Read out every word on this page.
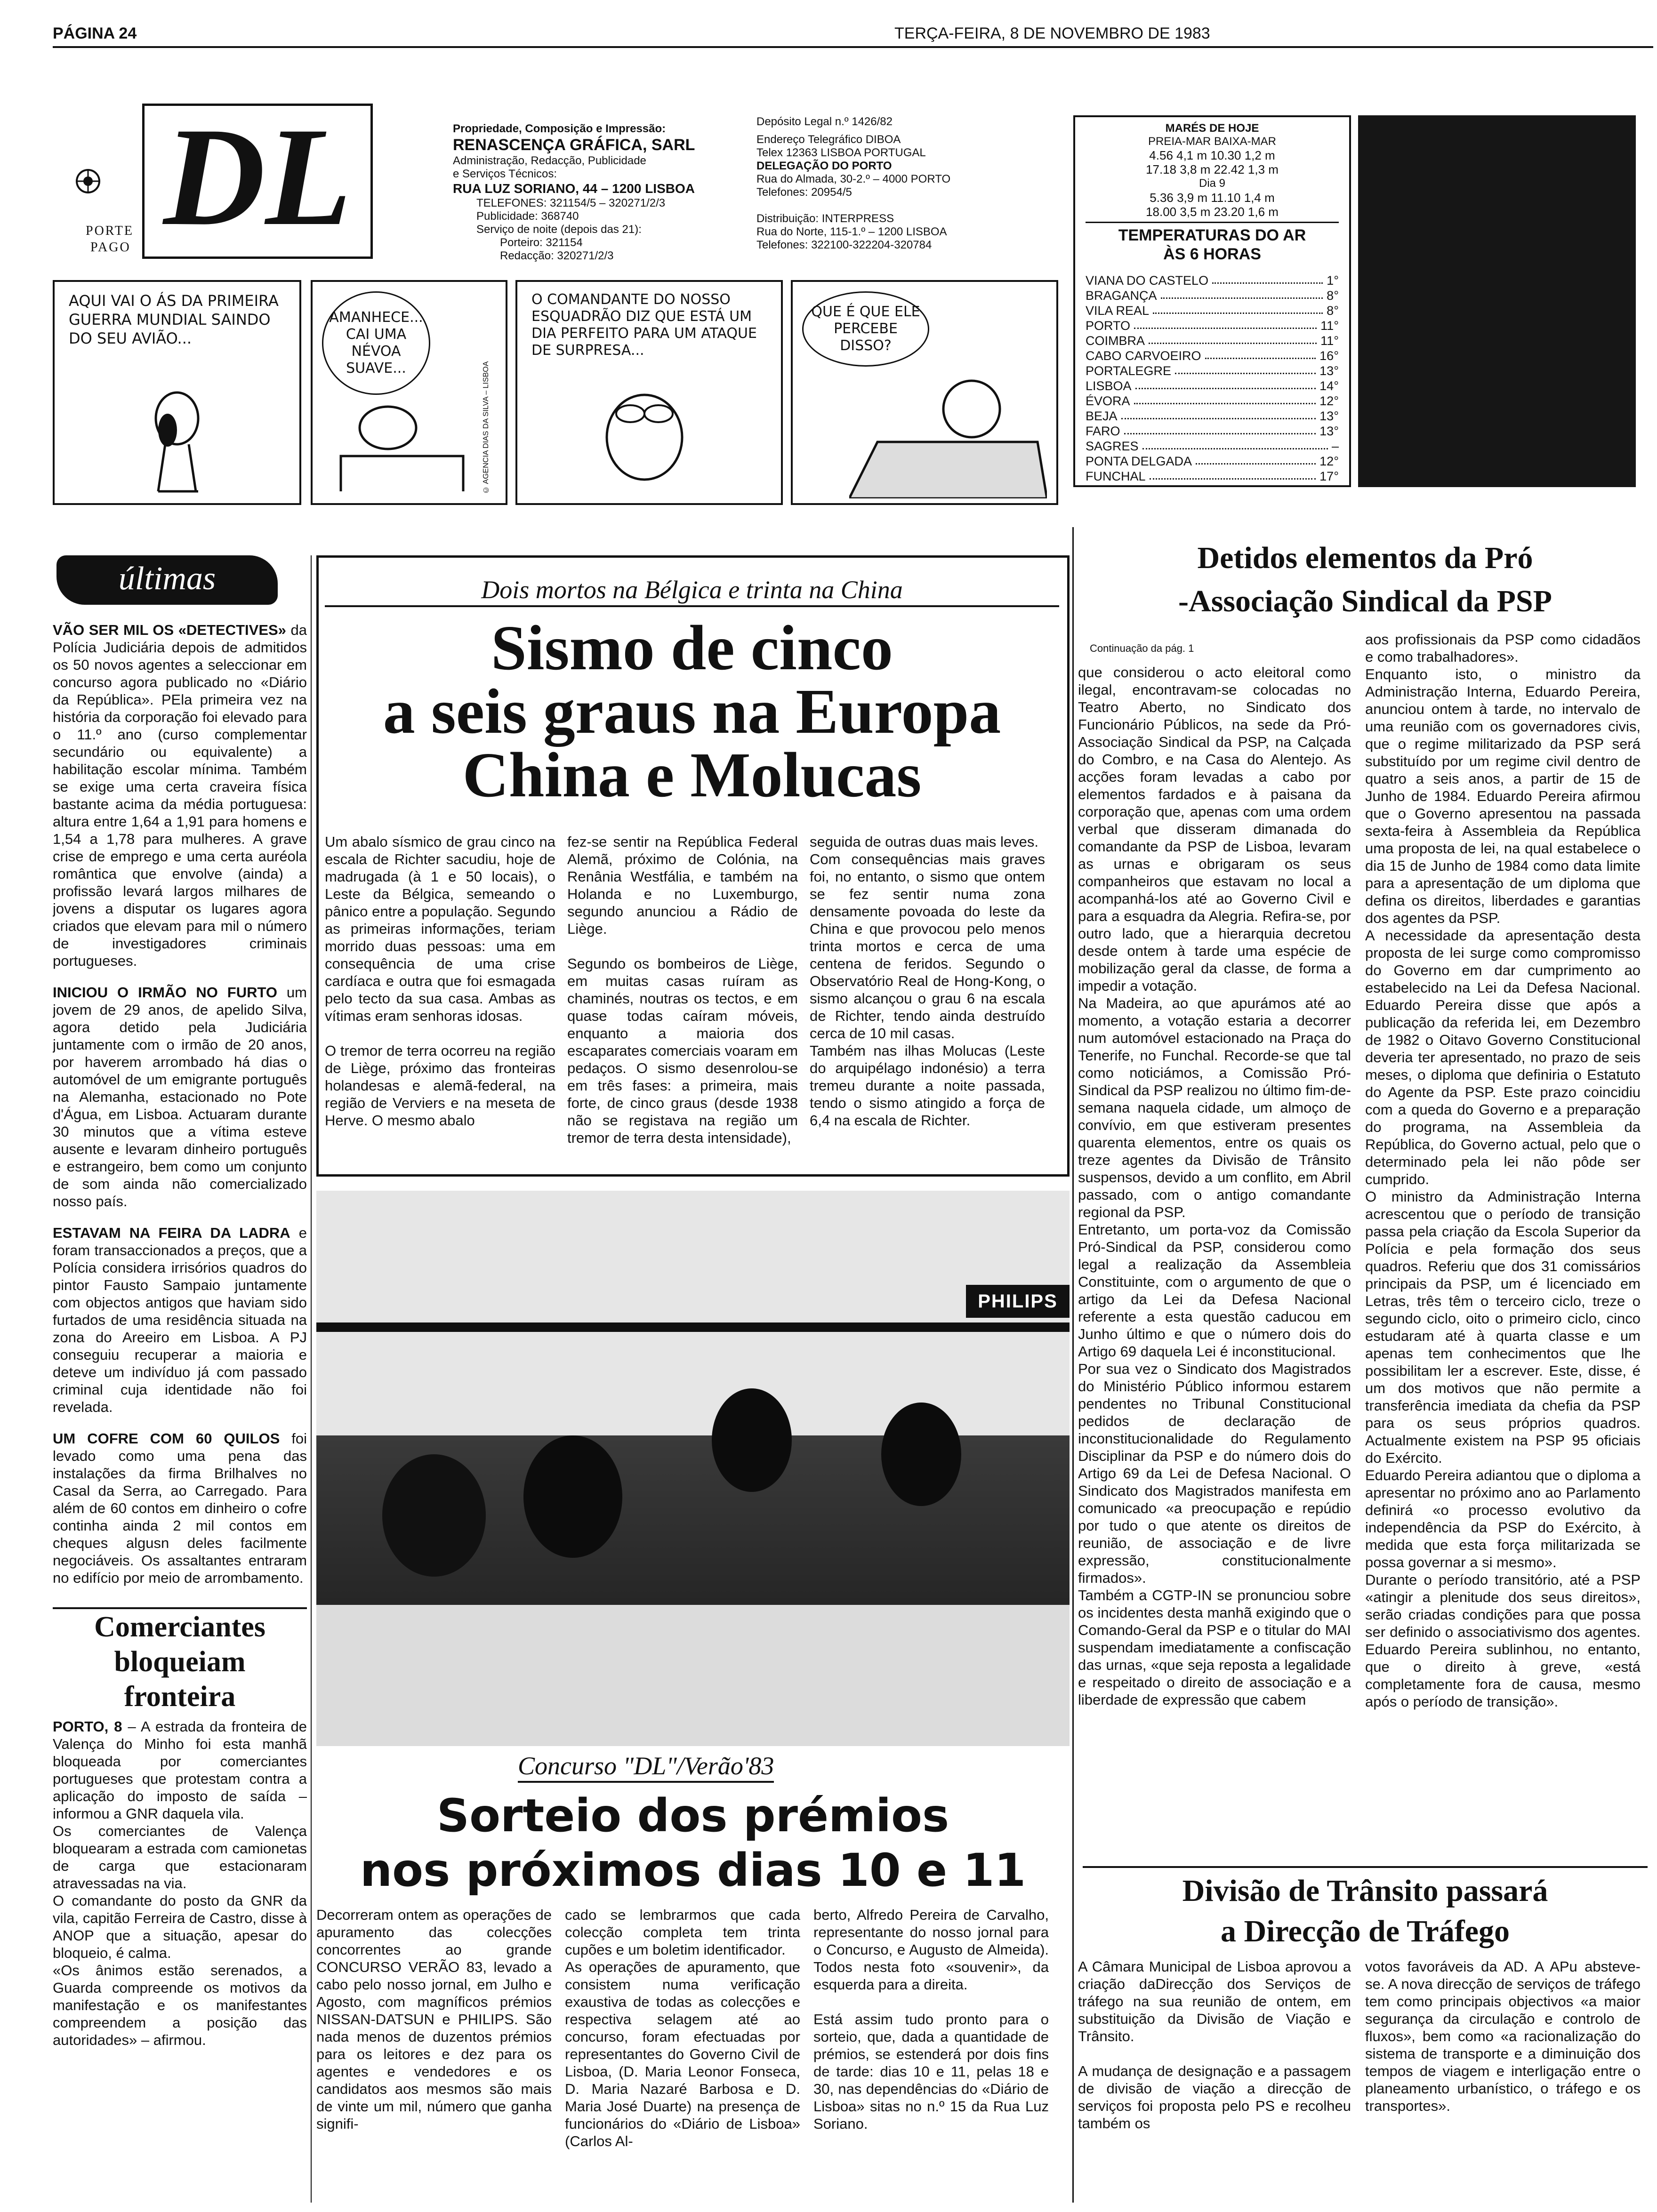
PÁGINA 24	TERÇA-FEIRA, 8 DE NOVEMBRO DE 1983
PORTE
PAGO DL	Propriedade, Composição e Impressão:
RENASCENÇA GRÁFICA, SARL
Administração, Redacção, Publicidade
e Serviços Técnicos:
RUA LUZ SORIANO, 44 – 1200 LISBOA
TELEFONES: 321154/5 – 320271/2/3
Publicidade: 368740
Serviço de noite (depois das 21):
Porteiro: 321154
Redacção: 320271/2/3
Depósito Legal n.º 1426/82
Endereço Telegráfico DIBOA
Telex 12363 LISBOA PORTUGAL
DELEGAÇÃO DO PORTO
Rua do Almada, 30-2.º – 4000 PORTO
Telefones: 20954/5
Distribuição: INTERPRESS
Rua do Norte, 115-1.º – 1200 LISBOA
Telefones: 322100-322204-320784
AQUI VAI O ÁS DA PRIMEIRA GUERRA MUNDIAL SAINDO DO SEU AVIÃO...
AMANHECE... CAI UMA NÉVOA SUAVE...	© AGENCIA DIAS DA SILVA – LISBOA
O COMANDANTE DO NOSSO ESQUADRÃO DIZ QUE ESTÁ UM DIA PERFEITO PARA UM ATAQUE DE SURPRESA...
QUE É QUE ELE PERCEBE DISSO?
MARÉS DE HOJE
PREIA-MAR BAIXA-MAR
4.56 4,1 m 10.30 1,2 m
17.18 3,8 m 22.42 1,3 m
Dia 9
5.36 3,9 m 11.10 1,4 m
18.00 3,5 m 23.20 1,6 m
TEMPERATURAS DO AR
ÀS 6 HORAS
VIANA DO CASTELO	1°
BRAGANÇA	8°
VILA REAL	8°
PORTO	11°
COIMBRA	11°
CABO CARVOEIRO	16°
PORTALEGRE	13°
LISBOA	14°
ÉVORA	12°
BEJA	13°
FARO	13°
SAGRES	–
PONTA DELGADA	12°
FUNCHAL	17°
últimas
VÃO SER MIL OS «DETECTIVES» da Polícia Judiciária depois de admitidos os 50 novos agentes a seleccionar em concurso agora publicado no «Diário da República». PEla primeira vez na história da corporação foi elevado para o 11.º ano (curso complementar secundário ou equivalente) a habilitação escolar mínima. Também se exige uma certa craveira física bastante acima da média portuguesa: altura entre 1,64 a 1,91 para homens e 1,54 a 1,78 para mulheres. A grave crise de emprego e uma certa auréola romântica que envolve (ainda) a profissão levará largos milhares de jovens a disputar os lugares agora criados que elevam para mil o número de investigadores criminais portugueses.
INICIOU O IRMÃO NO FURTO um jovem de 29 anos, de apelido Silva, agora detido pela Judiciária juntamente com o irmão de 20 anos, por haverem arrombado há dias o automóvel de um emigrante português na Alemanha, estacionado no Pote d'Água, em Lisboa. Actuaram durante 30 minutos que a vítima esteve ausente e levaram dinheiro português e estrangeiro, bem como um conjunto de som ainda não comercializado nosso país.
ESTAVAM NA FEIRA DA LADRA e foram transaccionados a preços, que a Polícia considera irrisórios quadros do pintor Fausto Sampaio juntamente com objectos antigos que haviam sido furtados de uma residência situada na zona do Areeiro em Lisboa. A PJ conseguiu recuperar a maioria e deteve um indivíduo já com passado criminal cuja identidade não foi revelada.
UM COFRE COM 60 QUILOS foi levado como uma pena das instalações da firma Brilhalves no Casal da Serra, ao Carregado. Para além de 60 contos em dinheiro o cofre continha ainda 2 mil contos em cheques algusn deles facilmente negociáveis. Os assaltantes entraram no edifício por meio de arrombamento.
Comerciantes
bloqueiam
fronteira
PORTO, 8 – A estrada da fronteira de Valença do Minho foi esta manhã bloqueada por comerciantes portugueses que protestam contra a aplicação do imposto de saída – informou a GNR daquela vila.
Os comerciantes de Valença bloquearam a estrada com camionetas de carga que estacionaram atravessadas na via.
O comandante do posto da GNR da vila, capitão Ferreira de Castro, disse à ANOP que a situação, apesar do bloqueio, é calma.
«Os ânimos estão serenados, a Guarda compreende os motivos da manifestação e os manifestantes compreendem a posição das autoridades» – afirmou.
Dois mortos na Bélgica e trinta na China
Sismo de cinco
a seis graus na Europa
China e Molucas
Um abalo sísmico de grau cinco na escala de Richter sacudiu, hoje de madrugada (à 1 e 50 locais), o Leste da Bélgica, semeando o pânico entre a população. Segundo as primeiras informações, teriam morrido duas pessoas: uma em consequência de uma crise cardíaca e outra que foi esmagada pelo tecto da sua casa. Ambas as vítimas eram senhoras idosas.

O tremor de terra ocorreu na região de Liège, próximo das fronteiras holandesas e alemã-federal, na região de Verviers e na meseta de Herve. O mesmo abalo
fez-se sentir na República Federal Alemã, próximo de Colónia, na Renânia Westfália, e também na Holanda e no Luxemburgo, segundo anunciou a Rádio de Liège.

Segundo os bombeiros de Liège, em muitas casas ruíram as chaminés, noutras os tectos, e em quase todas caíram móveis, enquanto a maioria dos escaparates comerciais voaram em pedaços. O sismo desenrolou-se em três fases: a primeira, mais forte, de cinco graus (desde 1938 não se registava na região um tremor de terra desta intensidade),
seguida de outras duas mais leves.
Com consequências mais graves foi, no entanto, o sismo que ontem se fez sentir numa zona densamente povoada do leste da China e que provocou pelo menos trinta mortos e cerca de uma centena de feridos. Segundo o Observatório Real de Hong-Kong, o sismo alcançou o grau 6 na escala de Richter, tendo ainda destruído cerca de 10 mil casas.
Também nas ilhas Molucas (Leste do arquipélago indonésio) a terra tremeu durante a noite passada, tendo o sismo atingido a força de 6,4 na escala de Richter.
PHILIPS
Concurso "DL"/Verão'83
Sorteio dos prémios
nos próximos dias 10 e 11
Decorreram ontem as operações de apuramento das colecções concorrentes ao grande CONCURSO VERÃO 83, levado a cabo pelo nosso jornal, em Julho e Agosto, com magníficos prémios NISSAN-DATSUN e PHILIPS. São nada menos de duzentos prémios para os leitores e dez para os agentes e vendedores e os candidatos aos mesmos são mais de vinte um mil, número que ganha signifi-
cado se lembrarmos que cada colecção completa tem trinta cupões e um boletim identificador.
As operações de apuramento, que consistem numa verificação exaustiva de todas as colecções e respectiva selagem até ao concurso, foram efectuadas por representantes do Governo Civil de Lisboa, (D. Maria Leonor Fonseca, D. Maria Nazaré Barbosa e D. Maria José Duarte) na presença de funcionários do «Diário de Lisboa» (Carlos Al-
berto, Alfredo Pereira de Carvalho, representante do nosso jornal para o Concurso, e Augusto de Almeida). Todos nesta foto «souvenir», da esquerda para a direita.

Está assim tudo pronto para o sorteio, que, dada a quantidade de prémios, se estenderá por dois fins de tarde: dias 10 e 11, pelas 18 e 30, nas dependências do «Diário de Lisboa» sitas no n.º 15 da Rua Luz Soriano.
Detidos elementos da Pró
-Associação Sindical da PSP
Continuação da pág. 1
que considerou o acto eleitoral como ilegal, encontravam-se colocadas no Teatro Aberto, no Sindicato dos Funcionário Públicos, na sede da Pró-Associação Sindical da PSP, na Calçada do Combro, e na Casa do Alentejo. As acções foram levadas a cabo por elementos fardados e à paisana da corporação que, apenas com uma ordem verbal que disseram dimanada do comandante da PSP de Lisboa, levaram as urnas e obrigaram os seus companheiros que estavam no local a acompanhá-los até ao Governo Civil e para a esquadra da Alegria. Refira-se, por outro lado, que a hierarquia decretou desde ontem à tarde uma espécie de mobilização geral da classe, de forma a impedir a votação.
Na Madeira, ao que apurámos até ao momento, a votação estaria a decorrer num automóvel estacionado na Praça do Tenerife, no Funchal. Recorde-se que tal como noticiámos, a Comissão Pró-Sindical da PSP realizou no último fim-de-semana naquela cidade, um almoço de convívio, em que estiveram presentes quarenta elementos, entre os quais os treze agentes da Divisão de Trânsito suspensos, devido a um conflito, em Abril passado, com o antigo comandante regional da PSP.
Entretanto, um porta-voz da Comissão Pró-Sindical da PSP, considerou como legal a realização da Assembleia Constituinte, com o argumento de que o artigo da Lei da Defesa Nacional referente a esta questão caducou em Junho último e que o número dois do Artigo 69 daquela Lei é inconstitucional.
Por sua vez o Sindicato dos Magistrados do Ministério Público informou estarem pendentes no Tribunal Constitucional pedidos de declaração de inconstitucionalidade do Regulamento Disciplinar da PSP e do número dois do Artigo 69 da Lei de Defesa Nacional. O Sindicato dos Magistrados manifesta em comunicado «a preocupação e repúdio por tudo o que atente os direitos de reunião, de associação e de livre expressão, constitucionalmente firmados».
Também a CGTP-IN se pronunciou sobre os incidentes desta manhã exigindo que o Comando-Geral da PSP e o titular do MAI suspendam imediatamente a confiscação das urnas, «que seja reposta a legalidade e respeitado o direito de associação e a liberdade de expressão que cabem
aos profissionais da PSP como cidadãos e como trabalhadores».
Enquanto isto, o ministro da Administração Interna, Eduardo Pereira, anunciou ontem à tarde, no intervalo de uma reunião com os governadores civis, que o regime militarizado da PSP será substituído por um regime civil dentro de quatro a seis anos, a partir de 15 de Junho de 1984. Eduardo Pereira afirmou que o Governo apresentou na passada sexta-feira à Assembleia da República uma proposta de lei, na qual estabelece o dia 15 de Junho de 1984 como data limite para a apresentação de um diploma que defina os direitos, liberdades e garantias dos agentes da PSP.
A necessidade da apresentação desta proposta de lei surge como compromisso do Governo em dar cumprimento ao estabelecido na Lei da Defesa Nacional. Eduardo Pereira disse que após a publicação da referida lei, em Dezembro de 1982 o Oitavo Governo Constitucional deveria ter apresentado, no prazo de seis meses, o diploma que definiria o Estatuto do Agente da PSP. Este prazo coincidiu com a queda do Governo e a preparação do programa, na Assembleia da República, do Governo actual, pelo que o determinado pela lei não pôde ser cumprido.
O ministro da Administração Interna acrescentou que o período de transição passa pela criação da Escola Superior da Polícia e pela formação dos seus quadros. Referiu que dos 31 comissários principais da PSP, um é licenciado em Letras, três têm o terceiro ciclo, treze o segundo ciclo, oito o primeiro ciclo, cinco estudaram até à quarta classe e um apenas tem conhecimentos que lhe possibilitam ler a escrever. Este, disse, é um dos motivos que não permite a transferência imediata da chefia da PSP para os seus próprios quadros. Actualmente existem na PSP 95 oficiais do Exército.
Eduardo Pereira adiantou que o diploma a apresentar no próximo ano ao Parlamento definirá «o processo evolutivo da independência da PSP do Exército, à medida que esta força militarizada se possa governar a si mesmo».
Durante o período transitório, até a PSP «atingir a plenitude dos seus direitos», serão criadas condições para que possa ser definido o associativismo dos agentes. Eduardo Pereira sublinhou, no entanto, que o direito à greve, «está completamente fora de causa, mesmo após o período de transição».
Divisão de Trânsito passará
a Direcção de Tráfego
A Câmara Municipal de Lisboa aprovou a criação daDirecção dos Serviços de tráfego na sua reunião de ontem, em substituição da Divisão de Viação e Trânsito.

A mudança de designação e a passagem de divisão de viação a direcção de serviços foi proposta pelo PS e recolheu também os
votos favoráveis da AD. A APu absteve-se. A nova direcção de serviços de tráfego tem como principais objectivos «a maior segurança da circulação e controlo de fluxos», bem como «a racionalização do sistema de transporte e a diminuição dos tempos de viagem e interligação entre o planeamento urbanístico, o tráfego e os transportes».
